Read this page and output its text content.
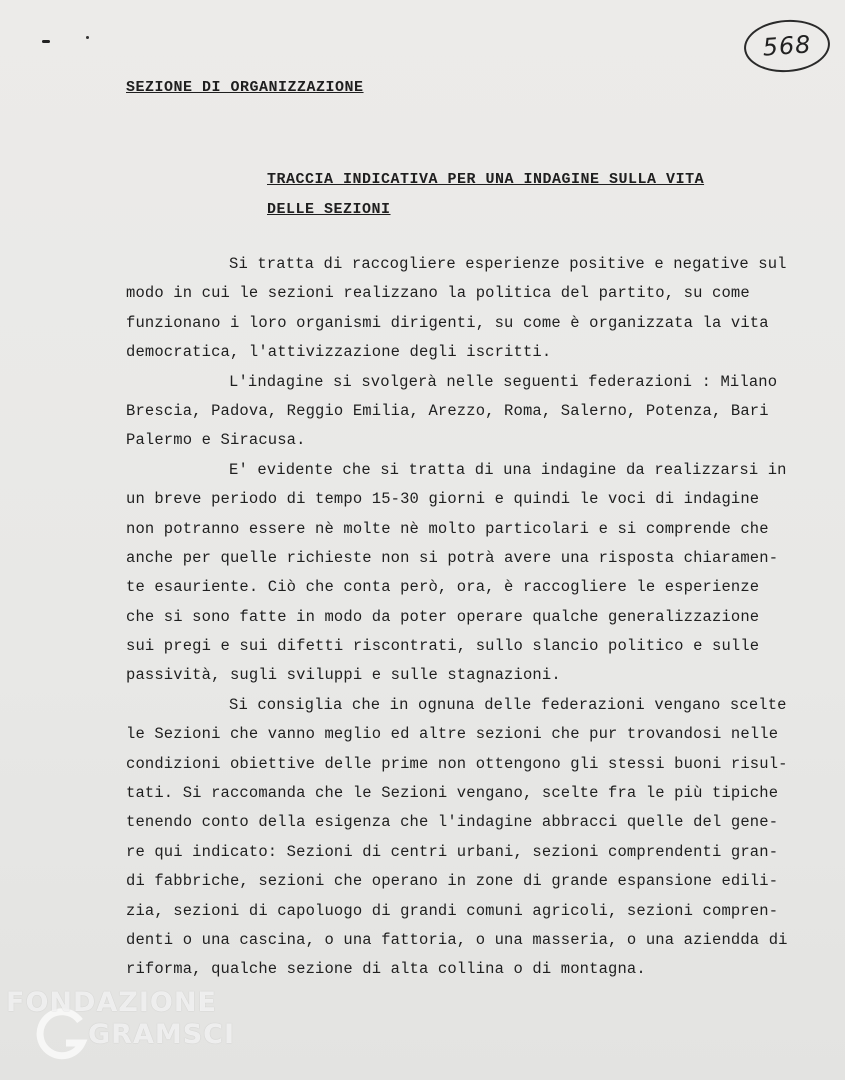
568
SEZIONE DI ORGANIZZAZIONE
TRACCIA INDICATIVA PER UNA INDAGINE SULLA VITA
DELLE SEZIONI
Si tratta di raccogliere esperienze positive e negative sul
modo in cui le sezioni realizzano la politica del partito, su come
funzionano i loro organismi dirigenti, su come è organizzata la vita
democratica, l'attivizzazione degli iscritti.
L'indagine si svolgerà nelle seguenti federazioni : Milano
Brescia, Padova, Reggio Emilia, Arezzo, Roma, Salerno, Potenza, Bari
Palermo e Siracusa.
E' evidente che si tratta di una indagine da realizzarsi in
un breve periodo di tempo 15-30 giorni e quindi le voci di indagine
non potranno essere nè molte nè molto particolari e si comprende che
anche per quelle richieste non si potrà avere una risposta chiaramen-
te esauriente. Ciò che conta però, ora, è raccogliere le esperienze
che si sono fatte in modo da poter operare qualche generalizzazione
sui pregi e sui difetti riscontrati, sullo slancio politico e sulle
passività, sugli sviluppi e sulle stagnazioni.
Si consiglia che in ognuna delle federazioni vengano scelte
le Sezioni che vanno meglio ed altre sezioni che pur trovandosi nelle
condizioni obiettive delle prime non ottengono gli stessi buoni risul-
tati. Si raccomanda che le Sezioni vengano, scelte fra le più tipiche
tenendo conto della esigenza che l'indagine abbracci quelle del gene-
re qui indicato: Sezioni di centri urbani, sezioni comprendenti gran-
di fabbriche, sezioni che operano in zone di grande espansione edili-
zia, sezioni di capoluogo di grandi comuni agricoli, sezioni compren-
denti o una cascina, o una fattoria, o una masseria, o una aziendda di
riforma, qualche sezione di alta collina o di montagna.
FONDAZIONE
GRAMSCI
